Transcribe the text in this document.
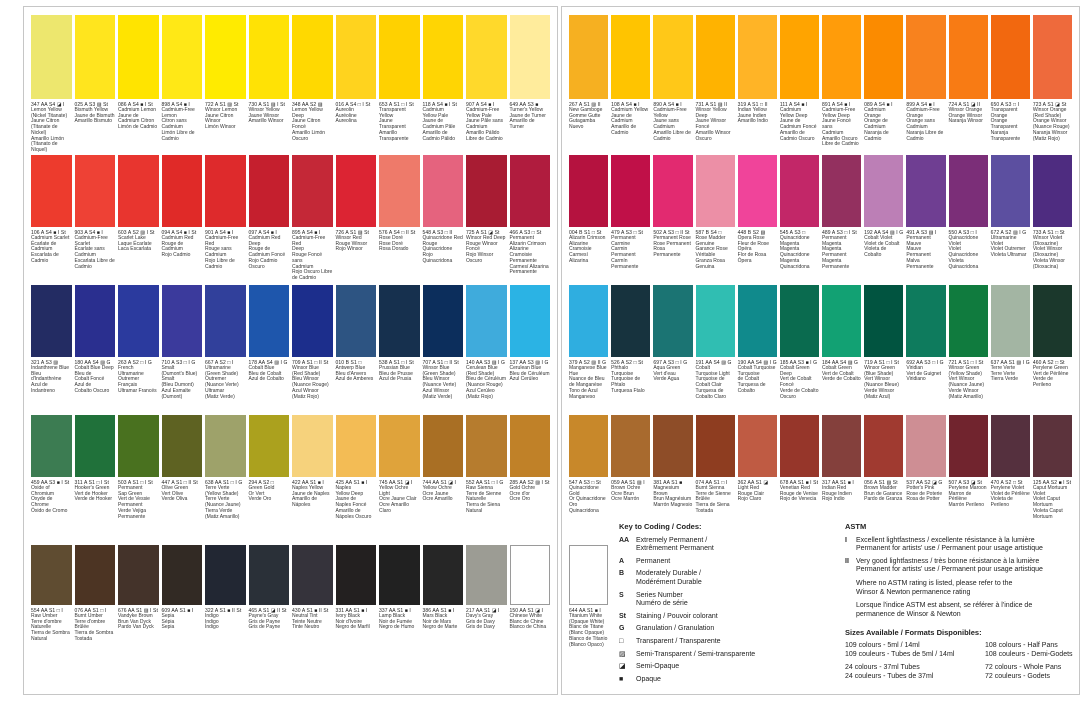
554 AA S1 □ I
Raw Umber
Terre d'ombre
Naturelle
Tierra de Sombra
Natural
076 AA S1 □ I
Burnt Umber
Terre d'ombre
Brûlée
Tierra de Sombra
Tostada
676 AA S1 ▨ I St
Vandyke Brown
Brun Van Dyck
Pardo Van Dyck
609 AA S1 ■ I
Sepia
Sépia
Sepia
322 A S1 ■ II St
Indigo
Indigo
Índigo
465 A S1 ◪ II St
Payne's Gray
Gris de Payne
Gris de Payne
430 A S1 ■ II St
Neutral Tint
Teinte Neutre
Tinte Neutro
331 AA S1 ■ I
Ivory Black
Noir d'Ivoire
Negro de Marfil
337 AA S1 ■ I
Lamp Black
Noir de Fumée
Negro de Humo
386 AA S1 ■ I
Mars Black
Noir de Mars
Negro de Marte
217 AA S1 ◪ I
Davy's Gray
Gris de Davy
Gris de Davy
150 AA S1 ◪ I
Chinese White
Blanc de Chine
Blanco de China
459 AA S3 ■ I St
Oxide of Chromium
Oxyde de Chrome
Óxido de Cromo
311 A S1 □ I St
Hooker's Green
Vert de Hooker
Verde de Hooker
503 A S1 □ I St
Permanent
Sap Green
Vert de Vessie
Permanent
Verde Vejiga
Permanente
447 A S1 □ II St
Olive Green
Vert Olive
Verde Oliva
638 AA S1 □ I G
Terre Verte
(Yellow Shade)
Terre Verte
(Nuance Jaune)
Tierra Verde
(Matiz Amarillo)
294 A S2 □
Green Gold
Or Vert
Verde Oro
422 AA S1 ■ I
Naples Yellow
Jaune de Naples
Amarillo de Nápoles
425 AA S1 ■ I
Naples
Yellow Deep
Jaune de
Naples Foncé
Amarillo de
Nápoles Oscuro
745 AA S1 ◪ I
Yellow Ochre Light
Ocre Jaune Clair
Ocre Amarillo Claro
744 AA S1 ◪ I
Yellow Ochre
Ocre Jaune
Ocre Amarillo
552 AA S1 □ I G
Raw Sienna
Terre de Sienne
Naturelle
Tierra de Siena
Natural
285 AA S2 ▨ I St
Gold Ochre
Ocre d'or
Ocre Oro
321 A S3 ▨
Indanthrene Blue
Bleu d'Indanthrène
Azul de Indantreno
180 AA S4 ▨ G
Cobalt Blue Deep
Bleu de
Cobalt Foncé
Azul de
Cobalto Oscuro
263 A S2 □ I G
French Ultramarine
Outremer Français
Ultramar Francés
710 A S3 □ I G
Smalt
(Dumont's Blue)
Smalt
(Bleu Dumont)
Azul Esmalte
(Dumont)
667 A S2 □ I
Ultramarine
(Green Shade)
Outremer
(Nuance Verte)
Ultramar
(Matiz Verde)
178 AA S4 ▨ I G
Cobalt Blue
Bleu de Cobalt
Azul de Cobalto
709 A S1 □ II St
Winsor Blue
(Red Shade)
Bleu Winsor
(Nuance Rouge)
Azul Winsor
(Matiz Rojo)
010 B S1 □
Antwerp Blue
Bleu d'Anvers
Azul de Amberes
538 A S1 □ I St
Prussian Blue
Bleu de Prusse
Azul de Prusia
707 A S1 □ II St
Winsor Blue
(Green Shade)
Bleu Winsor
(Nuance Verte)
Azul Winsor
(Matiz Verde)
140 AA S3 ▨ I G
Cerulean Blue
(Red Shade)
Bleu de Céruléum
(Nuance Rouge)
Azul Cerúleo
(Matiz Rojo)
137 AA S3 ▨ I G
Cerulean Blue
Bleu de Céruléum
Azul Cerúleo
106 A S4 ■ I St
Cadmium Scarlet
Écarlate de
Cadmium
Escarlata de
Cadmio
903 A S4 ■ I
Cadmium-Free
Scarlet
Écarlate sans
Cadmium
Escarlata Libre de
Cadmio
603 A S2 ▨ I St
Scarlet Lake
Laque Écarlate
Laca Escarlata
094 A S4 ■ I St
Cadmium Red
Rouge de Cadmium
Rojo Cadmio
901 A S4 ■ I
Cadmium-Free Red
Rouge sans
Cadmium
Rojo Libre de
Cadmio
097 A S4 ■ I
Cadmium Red
Deep
Rouge de
Cadmium Foncé
Rojo Cadmio
Oscuro
895 A S4 ■ I
Cadmium-Free Red
Deep
Rouge Foncé sans
Cadmium
Rojo Oscuro Libre
de Cadmio
726 A S1 ▨ St
Winsor Red
Rouge Winsor
Rojo Winsor
576 A S4 □ II St
Rose Doré
Rose Doré
Rosa Dorado
548 A S3 □ II
Quinacridone Red
Rouge
Quinacridone
Rojo Quinacridona
725 A S1 ◪ St
Winsor Red Deep
Rouge Winsor
Foncé
Rojo Winsor
Oscuro
466 A S3 □ St
Permanent
Alizarin Crimson
Alizarine Cramoisie
Permanente
Carmesí Alizarina
Permanente
347 AA S4 ◪ I
Lemon Yellow
(Nickel Titanate)
Jaune Citron
(Titanate de Nickel)
Amarillo Limón
(Titanato de Níquel)
025 A S3 ▨ St
Bismuth Yellow
Jaune de Bismuth
Amarillo Bismuto
086 A S4 ■ I St
Cadmium Lemon
Jaune de
Cadmium Citron
Limón de Cadmio
898 A S4 ■ I
Cadmium-Free
Lemon
Citron sans
Cadmium
Limón Libre de
Cadmio
722 A S1 ▨ St
Winsor Lemon
Jaune Citron Winsor
Limón Winsor
730 A S1 ▨ I St
Winsor Yellow
Jaune Winsor
Amarillo Winsor
348 AA S2 ▨
Lemon Yellow Deep
Jaune Citron Foncé
Amarillo Limón
Oscuro
016 A S4 □ I St
Aureolin
Auréoline
Aureolina
653 A S1 □ I St
Transparent Yellow
Jaune Transparent
Amarillo
Transparente
118 A S4 ■ I St
Cadmium
Yellow Pale
Jaune de
Cadmium Pâle
Amarillo de
Cadmio Pálido
907 A S4 ■ I
Cadmium-Free
Yellow Pale
Jaune Pâle sans
Cadmium
Amarillo Pálido
Libre de Cadmio
649 AA S3 ■
Turner's Yellow
Jaune de Turner
Amarillo de Turner
644 AA S1 ■ I
Titanium White
(Opaque White)
Blanc de Titane
(Blanc Opaque)
Blanco de Titanio
(Blanco Opaco)
547 A S3 □ St
Quinacridone Gold
Or Quinacridone
Oro Quinacridona
059 AA S1 ▨ I
Brown Ochre
Ocre Brun
Ocre Marrón
381 AA S1 ■
Magnesium Brown
Brun Magnésium
Marrón Magnesio
074 AA S1 □ I
Burnt Sienna
Terre de Sienne
Brûlée
Tierra de Siena
Tostada
362 AA S1 ◪
Light Red
Rouge Clair
Rojo Claro
678 AA S1 ■ I St
Venetian Red
Rouge de Venise
Rojo de Venecia
317 AA S1 ■ I
Indian Red
Rouge Indien
Rojo Indio
056 A S1 ▨ St
Brown Madder
Brun de Garance
Pardo de Granza
537 AA S2 ◪ G
Potter's Pink
Rose de Poterie
Rosa de Potter
507 A S3 ◪ St
Perylene Maroon
Marron de Périlène
Marrón Perileno
470 A S2 □ St
Perylene Violet
Violet de Périlène
Violeta de Perileno
125 AA S2 ■ I St
Caput Mortuum
Violet
Violet Caput
Mortuum
Violeta Caput
Mortuum
379 A S2 ▨ II G
Manganese Blue
Hue
Nuance de Bleu
de Manganèse
Tono de Azul
Manganeso
526 A S2 □ St
Phthalo Turquoise
Turquoise de Phtalo
Turquesa Ftalo
697 A S3 □ I G
Aqua Green
Vert d'eau
Verde Agua
191 AA S4 ▨ G
Cobalt
Turquoise Light
Turquoise de
Cobalt Clair
Turquesa de
Cobalto Claro
190 AA S4 ▨ I G
Cobalt Turquoise
Turquoise
de Cobalt
Turquesa de
Cobalto
185 AA S3 ■ I G
Cobalt Green Deep
Vert de Cobalt
Foncé
Verde de Cobalto
Oscuro
184 AA S4 ▨ G
Cobalt Green
Vert de Cobalt
Verde de Cobalto
719 A S1 □ I St
Winsor Green
(Blue Shade)
Vert Winsor
(Nuance Bleue)
Verde Winsor
(Matiz Azul)
692 AA S3 □ I G
Viridian
Vert de Guignet
Viridiano
721 A S1 □ I St
Winsor Green
(Yellow Shade)
Vert Winsor
(Nuance Jaune)
Verde Winsor
(Matiz Amarillo)
637 AA S1 ▨ I G
Terre Verte
Terre Verte
Tierra Verde
460 A S2 □ St
Perylene Green
Vert de Périlène
Verde de Perileno
004 B S1 □ St
Alizarin Crimson
Alizarine Cramoisie
Carmesí Alizarina
479 A S3 □ St
Permanent Carmine
Carmin Permanent
Carmín Permanente
502 A S3 □ II St
Permanent Rose
Rose Permanent
Rosa Permanente
587 B S4 □
Rose Madder
Genuine
Garance Rose
Véritable
Granza Rosa
Genuina
448 B S2 ▨
Opera Rose
Fleur de Rose
Opéra
Flor de Rosa Ópera
545 A S3 □
Quinacridone
Magenta
Magenta
Quinacridone
Magenta
Quinacridona
489 A S3 □ I St
Permanent Magenta
Magenta Permanent
Magenta
Permanente
192 AA S4 ▨ I G
Cobalt Violet
Violet de Cobalt
Violeta de Cobalto
491 A S3 ▨ I
Permanent Mauve
Mauve Permanent
Malva Permanente
550 A S3 □ I
Quinacridone Violet
Violet
Quinacridone
Violeta
Quinacridona
672 A S2 ▨ I G
Ultramarine Violet
Violet Outremer
Violeta Ultramar
733 A S1 □ St
Winsor Violet
(Dioxazine)
Violet Winsor
(Dioxazine)
Violeta Winsor
(Dioxacina)
267 A S1 ▨ II
New Gamboge
Gomme Gutte
Gutagamba Nuevo
108 A S4 ■ I
Cadmium Yellow
Jaune de Cadmium
Amarillo de Cadmio
890 A S4 ■ I
Cadmium-Free
Yellow
Jaune sans
Cadmium
Amarillo Libre de
Cadmio
731 A S1 ▨ II
Winsor Yellow Deep
Jaune Winsor Foncé
Amarillo Winsor
Oscuro
319 A S1 □ II
Indian Yellow
Jaune Indien
Amarillo Indio
111 A S4 ■ I
Cadmium
Yellow Deep
Jaune de
Cadmium Foncé
Amarillo de
Cadmio Oscuro
891 A S4 ■ I
Cadmium-Free
Yellow Deep
Jaune Foncé sans
Cadmium
Amarillo Oscuro
Libre de Cadmio
089 A S4 ■ I
Cadmium Orange
Orange de
Cadmium
Naranja de Cadmio
899 A S4 ■ I
Cadmium-Free
Orange
Orange sans
Cadmium
Naranja Libre de
Cadmio
724 A S1 ◪ II
Winsor Orange
Orange Winsor
Naranja Winsor
650 A S3 □ I
Transparent Orange
Orange Transparent
Naranja
Transparente
723 A S1 ◪ St
Winsor Orange
(Red Shade)
Orange Winsor
(Nuance Rouge)
Naranja Winsor
(Matiz Rojo)
Key to Coding / Codes:
AA Extremely Permanent /
Extrêmement Permanent
A	Permanent
B	Moderately Durable /
Modérément Durable
S	Series Number
Numéro de série
St	Staining / Pouvoir colorant
G	Granulation / Granulation
□	Transparent / Transparente
▨	Semi-Transparent / Semi-transparente
◪	Semi-Opaque
■	Opaque
ASTM
I	Excellent lightfastness / excellente résistance à la lumière
Permanent for artists' use / Permanent pour usage artistique
II	Very good lightfastness / très bonne résistance à la lumière
Permanent for artists' use / Permanent pour usage artistique
Where no ASTM rating is listed, please refer to the
Winsor & Newton permanence rating
Lorsque l'indice ASTM est absent, se référer à l'indice de
permanence de Winsor & Newton
Sizes Available / Formats Disponibles:
109 colours - 5ml / 14ml
109 couleurs - Tubes de 5ml / 14ml
24 colours - 37ml Tubes
24 couleurs - Tubes de 37ml
108 colours - Half Pans
108 couleurs - Demi-Godets
72 colours - Whole Pans
72 couleurs - Godets
